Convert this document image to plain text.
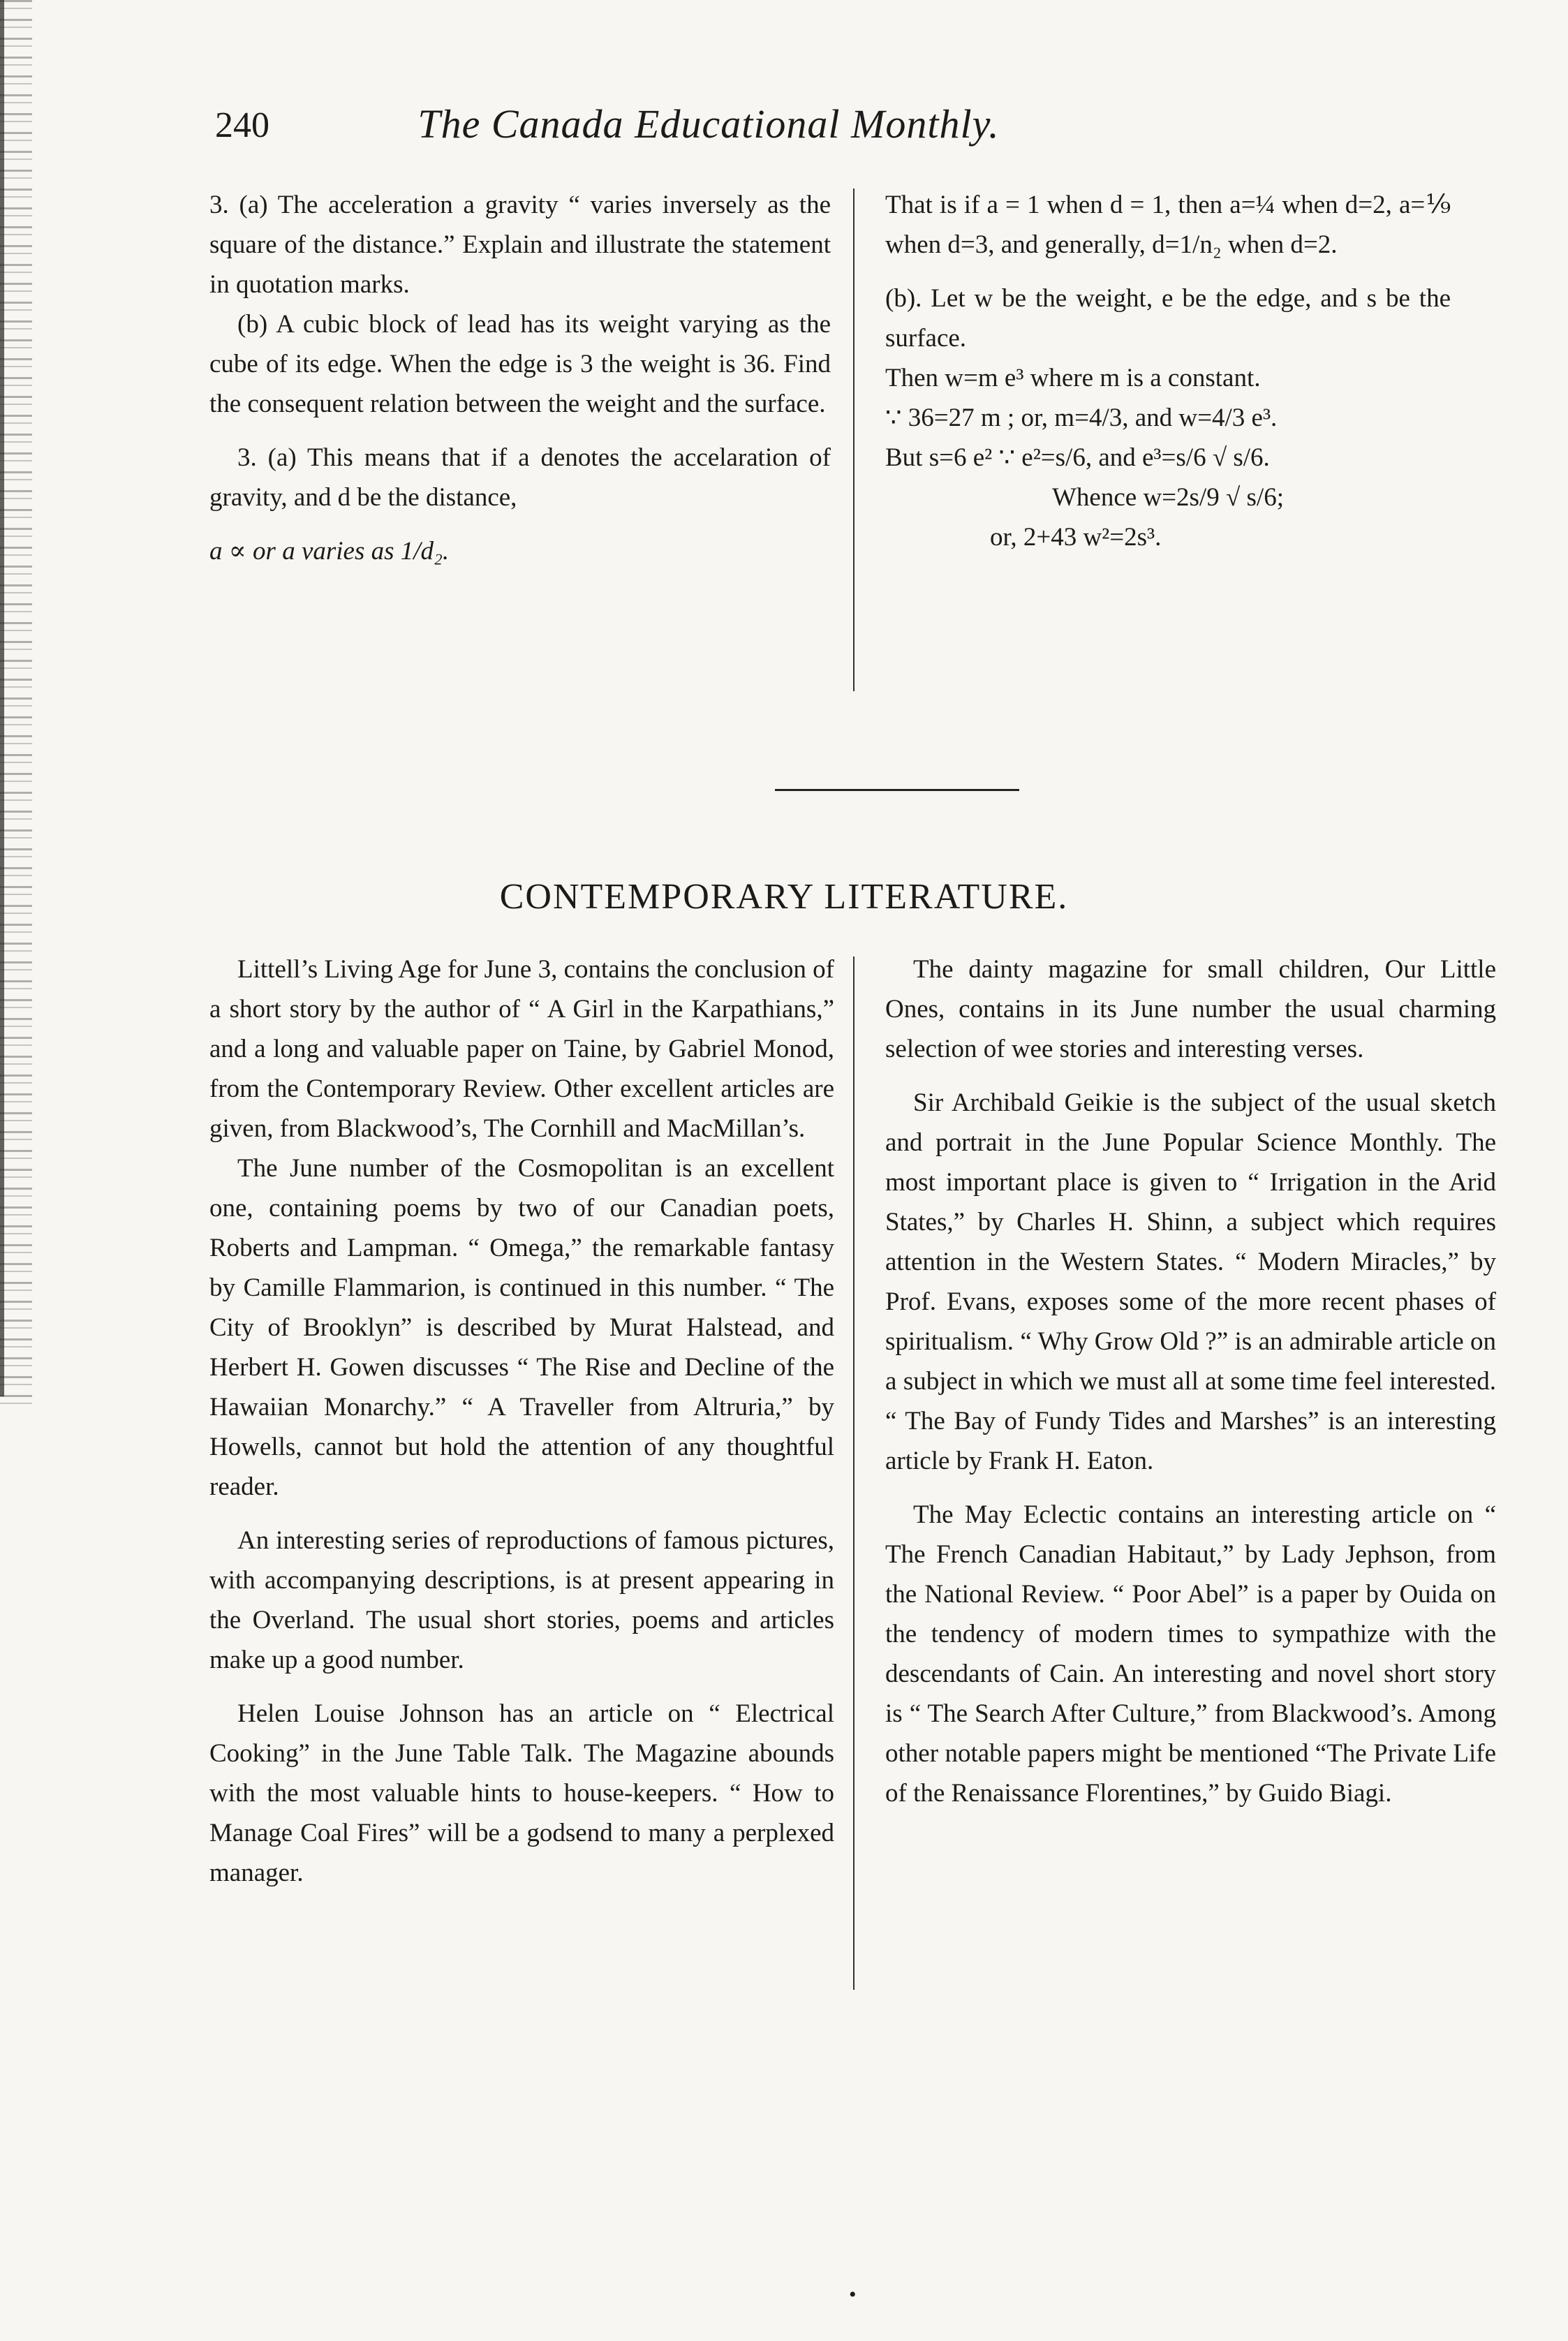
240	The Canada Educational Monthly.

3. (a) The acceleration a gravity “ varies inversely as the square of the distance.” Explain and illustrate the statement in quotation marks.

(b) A cubic block of lead has its weight varying as the cube of its edge. When the edge is 3 the weight is 36. Find the consequent relation between the weight and the surface.

3. (a) This means that if a denotes the accelaration of gravity, and d be the distance,

a ∝ or a varies as 1/d₂.

That is if a = 1 when d = 1, then a=¼ when d=2, a=⅑ when d=3, and generally, d=1/n₂ when d=2.

(b). Let w be the weight, e be the edge, and s be the surface.

Then w=m e³ where m is a constant.

∵ 36=27 m ; or, m=4/3, and w=4/3 e³.

But s=6 e² ∵ e²=s/6, and e³=s/6 √ s/6.

Whence w=2s/9 √ s/6;

or, 2+43 w²=2s³.

CONTEMPORARY LITERATURE.

Littell’s Living Age for June 3, contains the conclusion of a short story by the author of “ A Girl in the Karpathians,” and a long and valuable paper on Taine, by Gabriel Monod, from the Contemporary Review. Other excellent articles are given, from Blackwood’s, The Cornhill and MacMillan’s.

The June number of the Cosmopolitan is an excellent one, containing poems by two of our Canadian poets, Roberts and Lampman. “ Omega,” the remarkable fantasy by Camille Flammarion, is continued in this number. “ The City of Brooklyn” is described by Murat Halstead, and Herbert H. Gowen discusses “ The Rise and Decline of the Hawaiian Monarchy.” “ A Traveller from Altruria,” by Howells, cannot but hold the attention of any thoughtful reader.

An interesting series of reproductions of famous pictures, with accompanying descriptions, is at present appearing in the Overland. The usual short stories, poems and articles make up a good number.

Helen Louise Johnson has an article on “ Electrical Cooking” in the June Table Talk. The Magazine abounds with the most valuable hints to house-keepers. “ How to Manage Coal Fires” will be a godsend to many a perplexed manager.

The dainty magazine for small children, Our Little Ones, contains in its June number the usual charming selection of wee stories and interesting verses.

Sir Archibald Geikie is the subject of the usual sketch and portrait in the June Popular Science Monthly. The most important place is given to “ Irrigation in the Arid States,” by Charles H. Shinn, a subject which requires attention in the Western States. “ Modern Miracles,” by Prof. Evans, exposes some of the more recent phases of spiritualism. “ Why Grow Old ?” is an admirable article on a subject in which we must all at some time feel interested. “ The Bay of Fundy Tides and Marshes” is an interesting article by Frank H. Eaton.

The May Eclectic contains an interesting article on “ The French Canadian Habitaut,” by Lady Jephson, from the National Review. “ Poor Abel” is a paper by Ouida on the tendency of modern times to sympathize with the descendants of Cain. An interesting and novel short story is “ The Search After Culture,” from Blackwood’s. Among other notable papers might be mentioned “The Private Life of the Renaissance Florentines,” by Guido Biagi.

•
